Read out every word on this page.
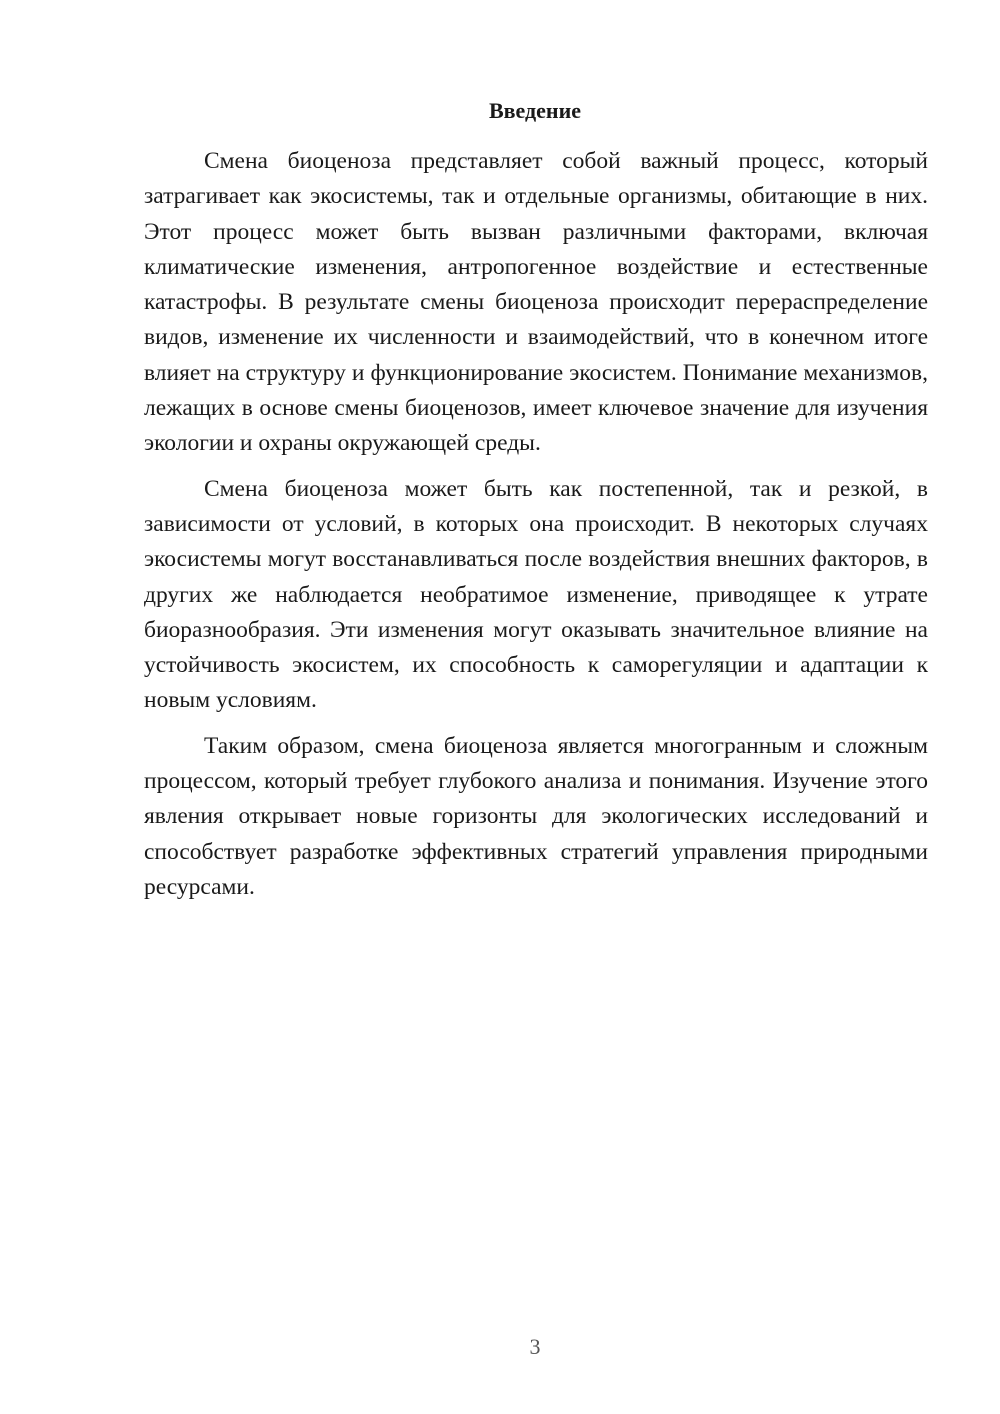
Введение

Смена биоценоза представляет собой важный процесс, который затрагивает как экосистемы, так и отдельные организмы, обитающие в них. Этот процесс может быть вызван различными факторами, включая климатические изменения, антропогенное воздействие и естественные катастрофы. В результате смены биоценоза происходит перераспределение видов, изменение их численности и взаимодействий, что в конечном итоге влияет на структуру и функционирование экосистем. Понимание механизмов, лежащих в основе смены биоценозов, имеет ключевое значение для изучения экологии и охраны окружающей среды.

Смена биоценоза может быть как постепенной, так и резкой, в зависимости от условий, в которых она происходит. В некоторых случаях экосистемы могут восстанавливаться после воздействия внешних факторов, в других же наблюдается необратимое изменение, приводящее к утрате биоразнообразия. Эти изменения могут оказывать значительное влияние на устойчивость экосистем, их способность к саморегуляции и адаптации к новым условиям.

Таким образом, смена биоценоза является многогранным и сложным процессом, который требует глубокого анализа и понимания. Изучение этого явления открывает новые горизонты для экологических исследований и способствует разработке эффективных стратегий управления природными ресурсами.

3
